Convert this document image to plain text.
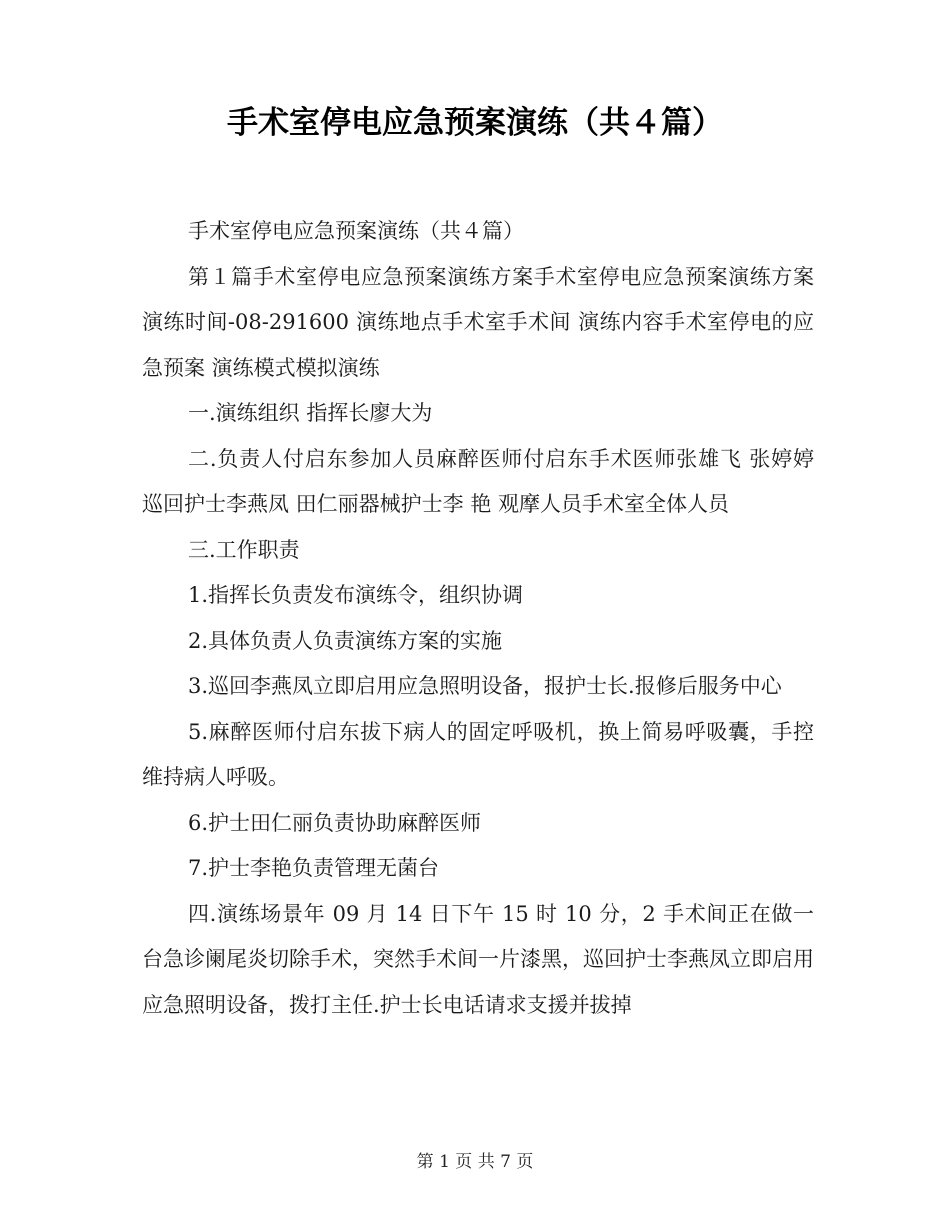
手术室停电应急预案演练（共４篇）

手术室停电应急预案演练（共４篇）

第１篇手术室停电应急预案演练方案手术室停电应急预案演练方案演练时间-08-291600 演练地点手术室手术间 演练内容手术室停电的应急预案 演练模式模拟演练

一.演练组织 指挥长廖大为

二.负责人付启东参加人员麻醉医师付启东手术医师张雄飞 张婷婷 巡回护士李燕凤 田仁丽器械护士李 艳 观摩人员手术室全体人员

三.工作职责

1.指挥长负责发布演练令，组织协调

2.具体负责人负责演练方案的实施

3.巡回李燕凤立即启用应急照明设备，报护士长.报修后服务中心

5.麻醉医师付启东拔下病人的固定呼吸机，换上简易呼吸囊，手控维持病人呼吸。

6.护士田仁丽负责协助麻醉医师

7.护士李艳负责管理无菌台

四.演练场景年 09 月 14 日下午 15 时 10 分，2 手术间正在做一台急诊阑尾炎切除手术，突然手术间一片漆黑，巡回护士李燕凤立即启用应急照明设备，拨打主任.护士长电话请求支援并拔掉

第 1 页 共 7 页
